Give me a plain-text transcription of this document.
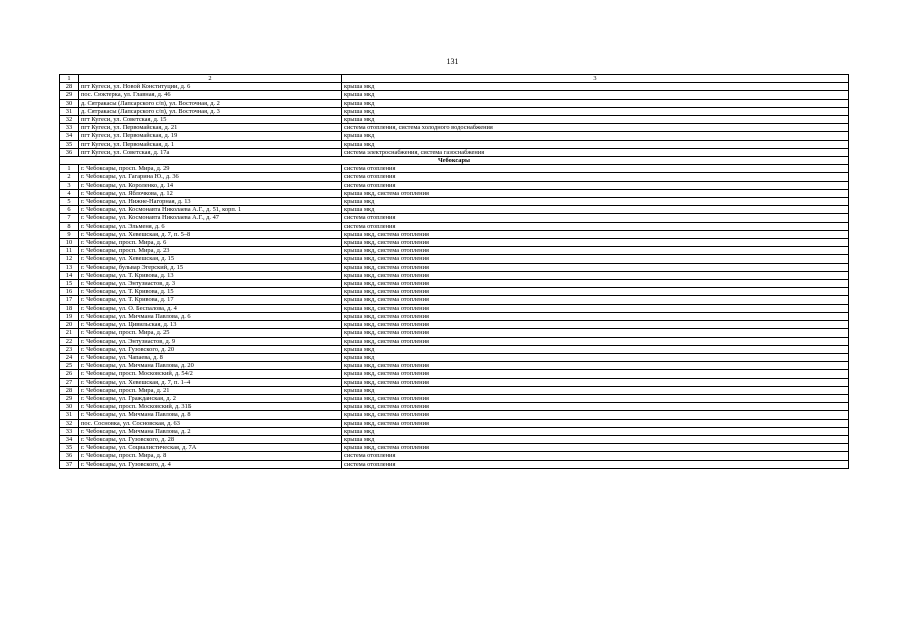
131
1	2	3
28	пгт Кугеси, ул. Новой Конституции, д. 6	крыша мкд
29	пос. Сюктерка, ул. Главная, д. 46	крыша мкд
30	д. Сятракасы (Лапсарского с/п), ул. Восточная, д. 2	крыша мкд
31	д. Сятракасы (Лапсарского с/п), ул. Восточная, д. 3	крыша мкд
32	пгт Кугеси, ул. Советская, д. 15	крыша мкд
33	пгт Кугеси, ул. Первомайская, д. 21	система отопления, система холодного водоснабжения
34	пгт Кугеси, ул. Первомайская, д. 19	крыша мкд
35	пгт Кугеси, ул. Первомайская, д. 1	крыша мкд
36	пгт Кугеси, ул. Советская, д. 17а	система электроснабжения, система газоснабжения
Чебоксары		
1	г. Чебоксары, просп. Мира, д. 29	система отопления
2	г. Чебоксары, ул. Гагарина Ю., д. 36	система отопления
3	г. Чебоксары, ул. Короленко, д. 14	система отопления
4	г. Чебоксары, ул. Яблочкова, д. 12	крыша мкд, система отопления
5	г. Чебоксары, ул. Нижне-Нагорная, д. 13	крыша мкд
6	г. Чебоксары, ул. Космонавта Николаева А.Г., д. 51, корп. 1	крыша мкд
7	г. Чебоксары, ул. Космонавта Николаева А.Г., д. 47	система отопления
8	г. Чебоксары, ул. Эльменя, д. 6	система отопления
9	г. Чебоксары, ул. Хевешская, д. 7, п. 5–8	крыша мкд, система отопления
10	г. Чебоксары, просп. Мира, д. 6	крыша мкд, система отопления
11	г. Чебоксары, просп. Мира, д. 23	крыша мкд, система отопления
12	г. Чебоксары, ул. Хевешская, д. 15	крыша мкд, система отопления
13	г. Чебоксары, бульвар Эгерский, д. 15	крыша мкд, система отопления
14	г. Чебоксары, ул. Т. Кривова, д. 13	крыша мкд, система отопления
15	г. Чебоксары, ул. Энтузиастов, д. 3	крыша мкд, система отопления
16	г. Чебоксары, ул. Т. Кривова, д. 15	крыша мкд, система отопления
17	г. Чебоксары, ул. Т. Кривова, д. 17	крыша мкд, система отопления
18	г. Чебоксары, ул. О. Беспалова, д. 4	крыша мкд, система отопления
19	г. Чебоксары, ул. Мичмана Павлова, д. 6	крыша мкд, система отопления
20	г. Чебоксары, ул. Цивильская, д. 13	крыша мкд, система отопления
21	г. Чебоксары, просп. Мира, д. 25	крыша мкд, система отопления
22	г. Чебоксары, ул. Энтузиастов, д. 9	крыша мкд, система отопления
23	г. Чебоксары, ул. Гузовского, д. 20	крыша мкд
24	г. Чебоксары, ул. Чапаева, д. 8	крыша мкд
25	г. Чебоксары, ул. Мичмана Павлова, д. 20	крыша мкд, система отопления
26	г. Чебоксары, просп. Московский, д. 54/2	крыша мкд, система отопления
27	г. Чебоксары, ул. Хевешская, д. 7, п. 1–4	крыша мкд, система отопления
28	г. Чебоксары, просп. Мира, д. 21	крыша мкд
29	г. Чебоксары, ул. Гражданская, д. 2	крыша мкд, система отопления
30	г. Чебоксары, просп. Московский, д. 31Б	крыша мкд, система отопления
31	г. Чебоксары, ул. Мичмана Павлова, д. 8	крыша мкд, система отопления
32	пос. Сосновка, ул. Сосновская, д. 63	крыша мкд, система отопления
33	г. Чебоксары, ул. Мичмана Павлова, д. 2	крыша мкд
34	г. Чебоксары, ул. Гузовского, д. 28	крыша мкд
35	г. Чебоксары, ул. Социалистическая, д. 7А	крыша мкд, система отопления
36	г. Чебоксары, просп. Мира, д. 8	система отопления
37	г. Чебоксары, ул. Гузовского, д. 4	система отопления
